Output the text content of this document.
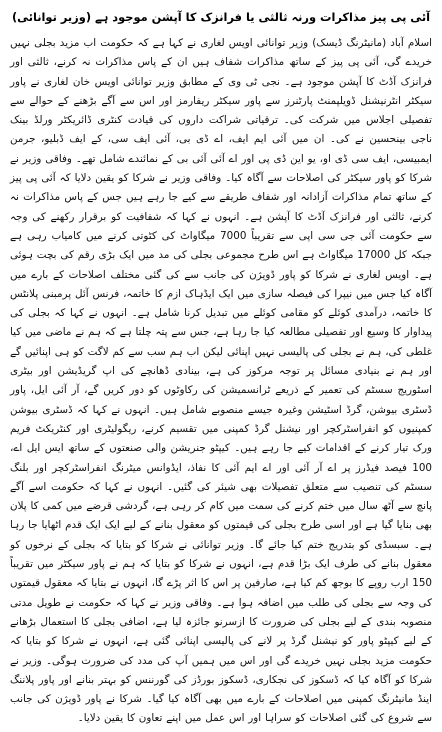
آئی پی پیز مذاکرات ورنہ ثالثی یا فرانزک کا آپشن موجود ہے (وزیر توانائی)

اسلام آباد (مانیٹرنگ ڈیسک) وزیر توانائی اویس لغاری نے کہا ہے کہ حکومت اب مزید بجلی نہیں خریدے گی، آئی پی پیز کے ساتھ مذاکرات شفاف ہیں ان کے پاس مذاکرات نہ کرنے، ثالثی اور فرانزک آڈٹ کا آپشن موجود ہے۔ نجی ٹی وی کے مطابق وزیر توانائی اویس خان لغاری نے پاور سیکٹر انٹرنیشنل ڈویلپمنٹ پارٹنرز سے پاور سیکٹر ریفارمز اور اس سے آگے بڑھنے کے حوالے سے تفصیلی اجلاس میں شرکت کی۔ ترقیاتی شراکت داروں کی قیادت کنٹری ڈائریکٹر ورلڈ بینک ناجی بینحسین نے کی۔ ان میں آئی ایم ایف، اے ڈی بی، آئی ایف سی، کے ایف ڈبلیو، جرمن ایمبیسی، ایف سی ڈی او، یو این ڈی پی اور اے آئی آئی بی کے نمائندے شامل تھے۔ وفاقی وزیر نے شرکا کو پاور سیکٹر کی اصلاحات سے آگاہ کیا۔ وفاقی وزیر نے شرکا کو یقین دلایا کہ آئی پی پیز کے ساتھ تمام مذاکرات آزادانہ اور شفاف طریقے سے کیے جا رہے ہیں جس کے پاس مذاکرات نہ کرنے، ثالثی اور فرانزک آڈٹ کا آپشن ہے۔ انہوں نے کہا کہ شفافیت کو برقرار رکھنے کی وجہ سے حکومت آئی جی سی اپی سے تقریباً 7000 میگاواٹ کی کٹوتی کرنے میں کامیاب رہی ہے جبکہ کل 17000 میگاواٹ ہے اس طرح مجموعی بجلی کی مد میں ایک بڑی رقم کی بچت ہوئی ہے۔ اویس لغاری نے شرکا کو پاور ڈویژن کی جانب سے کی گئی مختلف اصلاحات کے بارے میں آگاہ کیا جس میں نیپرا کی فیصلہ سازی میں ایک ایڈہاک ازم کا خاتمہ، فرنس آئل پرمبنی پلانٹس کا خاتمہ، درآمدی کوئلے کو مقامی کوئلے میں تبدیل کرنا شامل ہے۔ انہوں نے کہا کہ بجلی کی پیداوار کا وسیع اور تفصیلی مطالعہ کیا جا رہا ہے، جس سے پتہ چلتا ہے کہ ہم نے ماضی میں کیا غلطی کی، ہم نے بجلی کی پالیسی نہیں اپنائی لیکن اب ہم سب سے کم لاگت کو ہی اپنائیں گے اور ہم نے بنیادی مسائل پر توجہ مرکوز کی ہے، بینادی ڈھانچے کی اپ گریڈیشن اور بیٹری اسٹوریج سسٹم کی تعمیر کے ذریعے ٹرانسمیشن کی رکاوٹوں کو دور کریں گے، آر آئی ایل، پاور ڈسٹری بیوشن، گرڈ اسٹیشن وغیرہ جیسے منصوبے شامل ہیں۔ انہوں نے کہا کہ ڈسٹری بیوشن کمپنیوں کو انفراسٹرکچر اور نیشنل گرڈ کمپنی میں تقسیم کرنے، ریگولیٹری اور کنٹریکٹ فریم ورک تیار کرنے کے اقدامات کیے جا رہے ہیں۔ کیپٹو جنریشن والی صنعتوں کے ساتھ ایس ایل اے، 100 فیصد فیڈرز پر اے آر آئی اور اے ایم آئی کا نفاذ، ایڈوانس میٹرنگ انفراسٹرکچر اور بلنگ سسٹم کی تنصیب سے متعلق تفصیلات بھی شیئر کی گئیں۔ انہوں نے کہا کہ حکومت اسے آگے پانچ سے آٹھ سال میں ختم کرنے کی سمت میں کام کر رہی ہے، گردشی قرضے میں کمی کا پلان بھی بنایا گیا ہے اور اسی طرح بجلی کی قیمتوں کو معقول بنانے کے لیے ایک ایک قدم اٹھایا جا رہا ہے۔ سبسڈی کو بتدریج ختم کیا جائے گا۔ وزیر توانائی نے شرکا کو بتایا کہ بجلی کے نرخوں کو معقول بنانے کی طرف ایک بڑا قدم ہے، انہوں نے شرکا کو بتایا کہ ہم نے پاور سیکٹر میں تقریباً 150 ارب روپے کا بوجھ کم کیا ہے، صارفین پر اس کا اثر پڑے گا، انہوں نے بتایا کہ معقول قیمتوں کی وجہ سے بجلی کی طلب میں اضافہ ہوا ہے۔ وفاقی وزیر نے کہا کہ حکومت نے طویل مدتی منصوبہ بندی کے لیے بجلی کی ضرورت کا ازسرنو جائزہ لیا ہے، اضافی بجلی کا استعمال بڑھانے کے لیے کیپٹو پاور کو نیشنل گرڈ پر لانے کی پالیسی اپنائی گئی ہے، انہوں نے شرکا کو بتایا کہ حکومت مزید بجلی نہیں خریدے گی اور اس میں ہمیں آپ کی مدد کی ضرورت ہوگی۔ وزیر نے شرکا کو آگاہ کیا کہ ڈسکوز کی نجکاری، ڈسکوز بورڈز کی گورننس کو بہتر بنانے اور پاور پلاننگ اینڈ مانیٹرنگ کمپنی میں اصلاحات کے بارے میں بھی آگاہ کیا گیا۔ شرکا نے پاور ڈویژن کی جانب سے شروع کی گئی اصلاحات کو سراہا اور اس عمل میں اپنے تعاون کا یقین دلایا۔
